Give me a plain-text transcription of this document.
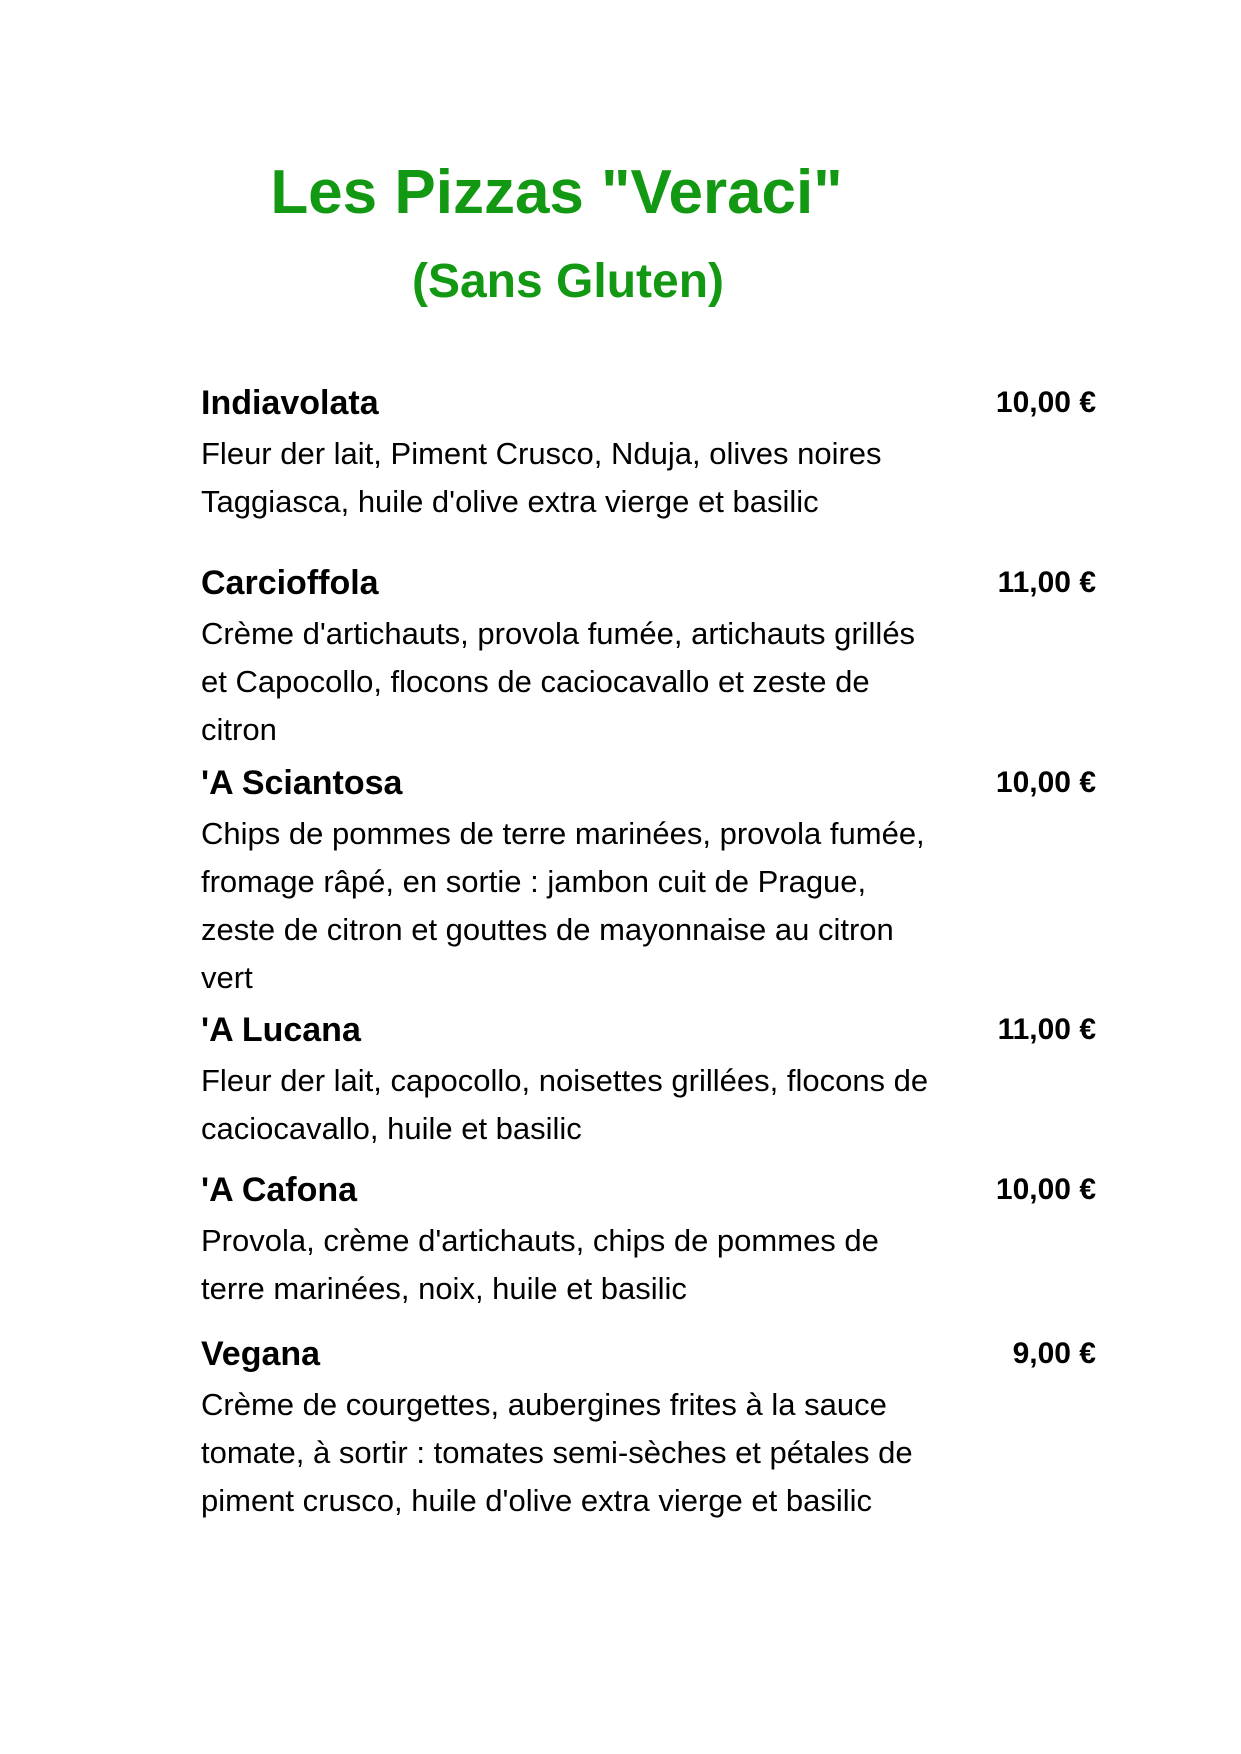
Les Pizzas "Veraci"
(Sans Gluten)
Indiavolata	10,00 €

Fleur der lait, Piment Crusco, Nduja, olives noires Taggiasca, huile d'olive extra vierge et basilic

Carcioffola	11,00 €

Crème d'artichauts, provola fumée, artichauts grillés et Capocollo, flocons de caciocavallo et zeste de citron

'A Sciantosa	10,00 €

Chips de pommes de terre marinées, provola fumée, fromage râpé, en sortie : jambon cuit de Prague, zeste de citron et gouttes de mayonnaise au citron vert

'A Lucana	11,00 €

Fleur der lait, capocollo, noisettes grillées, flocons de caciocavallo, huile et basilic

'A Cafona	10,00 €

Provola, crème d'artichauts, chips de pommes de terre marinées, noix, huile et basilic

Vegana	9,00 €

Crème de courgettes, aubergines frites à la sauce tomate, à sortir : tomates semi-sèches et pétales de piment crusco, huile d'olive extra vierge et basilic
